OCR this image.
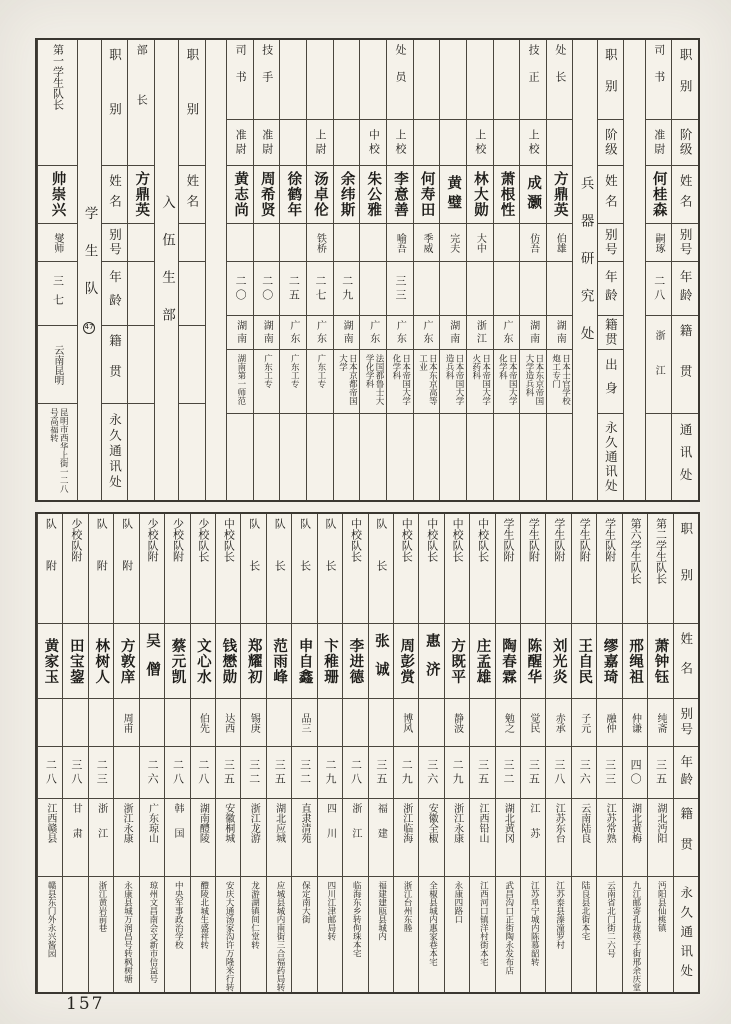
职别
阶级
姓名
别号
年龄
籍贯
通讯处
司书
准尉
何桂森
嗣琢
二八
浙江
职别
阶级
姓名
别号
年龄
籍贯
出身
永久通讯处
兵器研究处
处长
方鼎英
伯雄
湖南
日本士官学校炮工专门
技正
上校
成灏
仿吾
湖南
日本东京帝国大学造兵科
萧根性
广东
日本帝国大学化学科
上校
林大勋
大中
浙江
日本帝国大学火药科
黄璧
完夫
湖南
日本帝国大学造兵科
何寿田
季威
广东
日本东京高等工业
处员
上校
李意善
喻吾
三三
广东
日本帝国大学化学科
中校
朱公雅
广东
法国都鲁士大学化学科
余纬斯
二九
湖南
日本京都帝国大学
上尉
汤卓伦
铁桥
二七
广东
广东工专
徐鹤年
二五
广东
广东工专
技手
准尉
周希贤
二〇
湖南
广东工专
司书
准尉
黄志尚
二〇
湖南
湖南第一师范
职别
姓名
入伍生部
部长
方鼎英
职别
姓名
别号
年龄
籍贯
永久通讯处
学生队
47
第一学生队长
帅崇兴
燮师
三七
云南昆明
昆明市西华上街一二八号高福转
职别
姓名
别号
年龄
籍贯
永久通讯处
第二学生队长
萧钟钰
纯斋
三五
湖北沔阳
沔阳县仙桃镇
第六学生队长
邢绳祖
仲谦
四〇
湖北黄梅
九江邮寄孔垅筷子街邢余庆堂
学生队附
缪嘉琦
融仲
三三
江苏常熟
云南省北门街二六号
学生队附
王自民
子元
三六
云南陆良
陆良县北街本宅
学生队附
刘光炎
赤承
三八
江苏东台
江苏泰县溱潼罗村
学生队附
陈醒华
觉民
三五
江苏
江苏阜宁城内陈慕韶转
学生队附
陶春霖
勉之
三二
湖北黄冈
武昌沟口正街陶永发布店
中校队长
庄孟雄
三五
江西铅山
江西河口镇洋村街本宅
中校队长
方既平
静波
二九
浙江永康
永康四路口
中校队长
惠济
三六
安徽全椒
全椒县城内惠家巷本宅
中校队长
周彭赏
博风
二九
浙江临海
浙江台州东塍
队长
张诚
三五
福建
福建建瓯县城内
中校队长
李进德
二八
浙江
临海东乡转侚珠本宅
队长
卞稚珊
二九
四川
四川江津邮局转
队长
申自鑫
品三
三二
直隶清苑
保定南大街
队长
范雨峰
三五
湖北应城
应城县城内南街三合福药局转
队长
郑耀初
锡庚
三二
浙江龙游
龙游湖镇间仁堂转
中校队长
钱懋勋
达西
三五
安徽桐城
安庆大通汤家沟许万隆米行转
少校队长
文心水
伯先
二八
湖南醴陵
醴陵北城生盛祥转
少校队附
蔡元凯
二八
韩国
中央军事政治学校
少校队附
吴僧
二六
广东琼山
琼州文昌南会文新市信益号
队附
方敦庠
周甫
浙江永康
永康县城万润昌号转枫树塘
队附
林树人
二三
浙江
浙江黄岩前巷
少校队附
田宝鋆
三八
甘肃
队附
黄家玉
二八
江西赣县
赣县东门外永兴酱园
157
